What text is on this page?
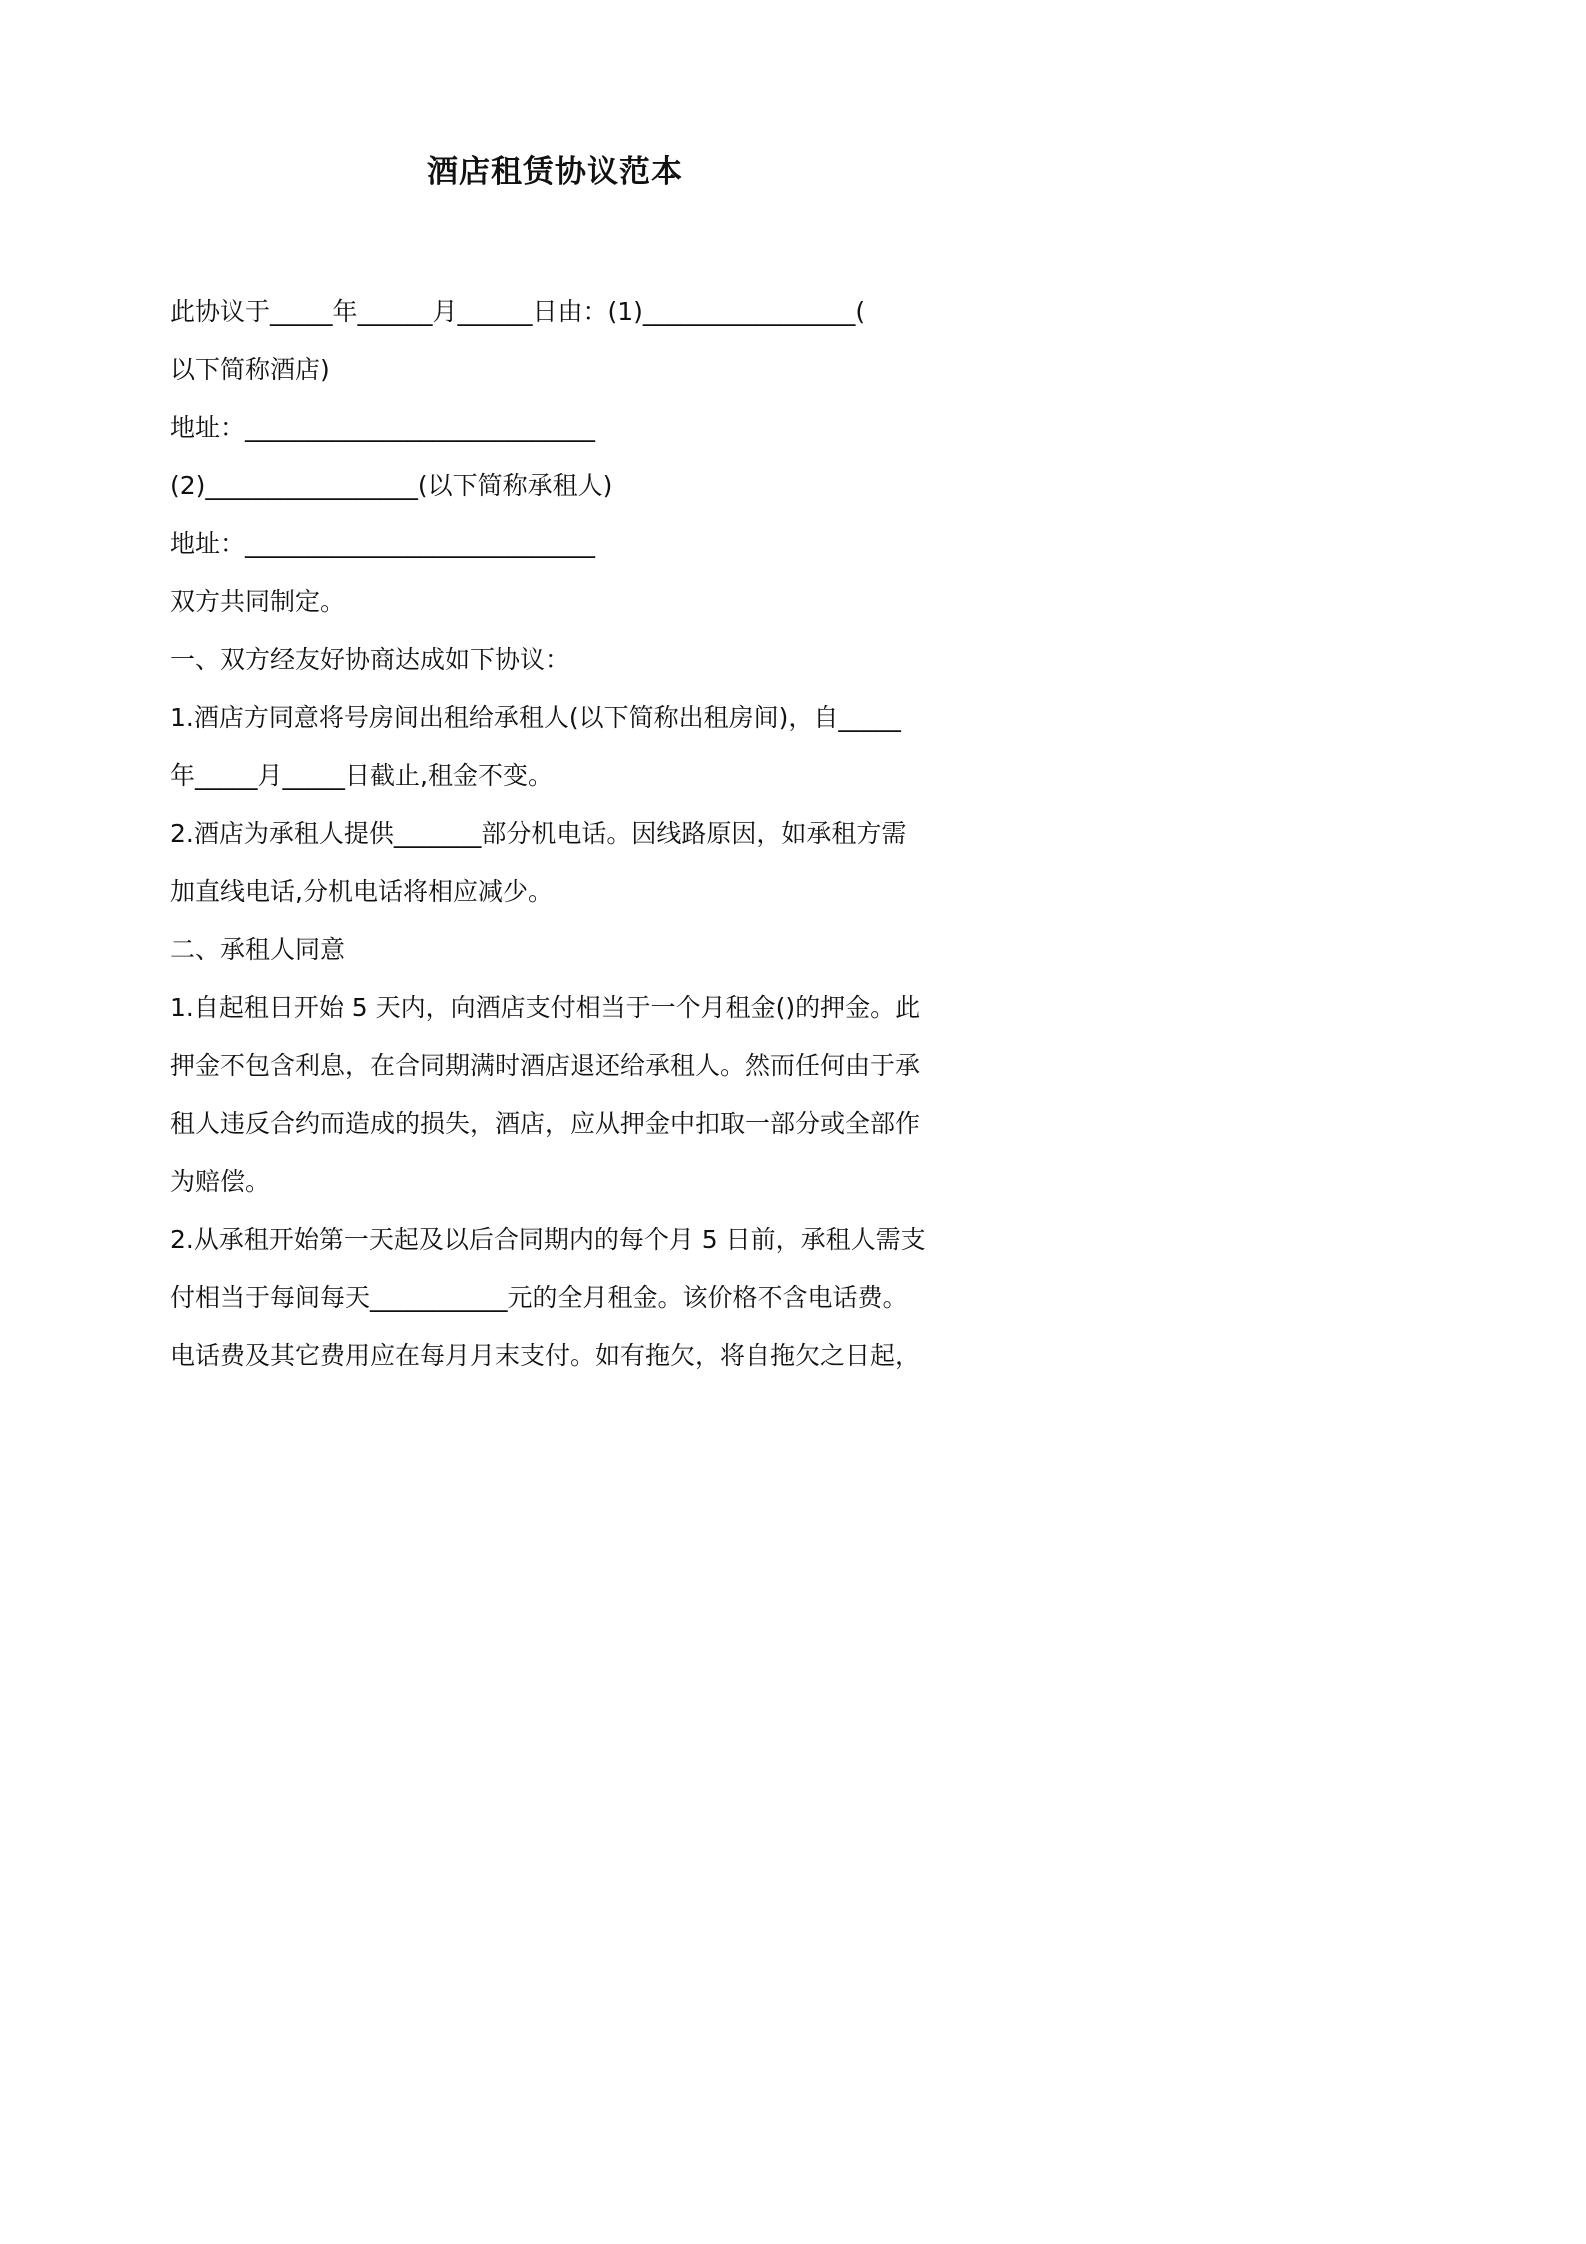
酒店租赁协议范本
此协议于_____年______月______日由：(1)_________________(
以下简称酒店)
地址：____________________________
(2)_________________(以下简称承租人)
地址：____________________________
双方共同制定。
一、双方经友好协商达成如下协议：
1.酒店方同意将号房间出租给承租人(以下简称出租房间)，自_____
年_____月_____日截止,租金不变。
2.酒店为承租人提供_______部分机电话。因线路原因，如承租方需
加直线电话,分机电话将相应减少。
二、承租人同意
1.自起租日开始 5 天内，向酒店支付相当于一个月租金()的押金。此
押金不包含利息，在合同期满时酒店退还给承租人。然而任何由于承
租人违反合约而造成的损失，酒店，应从押金中扣取一部分或全部作
为赔偿。
2.从承租开始第一天起及以后合同期内的每个月 5 日前，承租人需支
付相当于每间每天___________元的全月租金。该价格不含电话费。
电话费及其它费用应在每月月末支付。如有拖欠，将自拖欠之日起，
